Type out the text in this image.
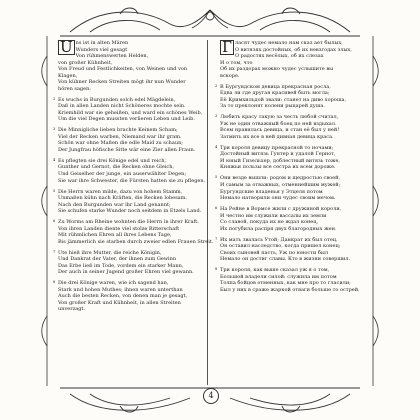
U ns ist in alten Mären
Wunders viel gesagt
Von rühmenswerten Helden,
von großer Kühnheit,
Von Freud und Festlichkeiten, von Weinen und von
Klagen,
Von kühner Recken Streiten mögt ihr nun Wunder
hören sagen.
2 Es wuchs in Burgunden solch edel Mägdelein,
Daß in allen Landen nicht Schöneres mochte sein.
Kriemhild war sie geheißen, und ward ein schönes Weib,
Um die viel Degen mussten verlieren Leben und Leib.
3 Die Minnigliche lieben brachte Keinem Scham;
Viel der Recken warben, Niemand war ihr gram.
Schön war ohne Maßen die edle Maid zu schaun;
Der Jungfrau höfische Sitte wär eine Zier allen Fraun.
4 Es pflegten sie drei Könige edel und reich,
Gunther und Gernot, die Recken ohne Gleich,
Und Geiselher der junge, ein auserwählter Degen;
Sie war ihre Schwester, die Fürsten hatten sie zu pflegen.
5 Die Herrn waren milde, dazu von hohem Stamm,
Unmaßen kühn nach Kräften, die Recken lobesam.
Nach den Burgunden war ihr Land genannt;
Sie schufen starke Wunder noch seitdem in Etzels Land.
6 Zu Worms am Rheine wohnten die Herrn in ihrer Kraft.
Von ihren Landen diente viel stolze Ritterschaft
Mit rühmlichen Ehren all ihres Lebens Tage,
Bis jämmerlich sie starben durch zweier edlen Frauen Streit.
7 Ute hieß ihre Mutter, die reiche Königin,
Und Dankrat der Vater, der ihnen zum Gewinn
Das Erbe ließ im Tode, vordem ein starker Mann,
Der auch in seiner Jugend großer Ehren viel gewann.
8 Die drei Könige waren, wie ich sagend han,
Stark und hohen Muthes; ihnen waren unterthan
Auch die besten Recken, von denen man je gesagt,
Von großer Kraft und Kühnheit, in allen Streiten
unverzagt.
Г ласят чудес немало нам сказ ает былых,
О витязях достойных, об их невзгодах злых,
О радостях весёлых, об их слезах
И о том, что
Об их раздорах можно чудес услышите вы
вскоре.
2 В Бургундском девица прекрасная росла,
Едва ли где другая красивей быть могла;
Её Кримхильдой звали: станет на диво хороша,
За то преклонят колени рыцарей душа.
3 Любить красу такую за честь любой считал,
Уж не один отважный боец по ней вздыхал.
Всем нравилась девица, и стан её был у ней!
Затмить их все в ней дивная девица краса.
4 Три короля девицу прекрасной то ночами;
Достойный витязь Гунтер и удалой Гернот,
И юный Гизельхер, доблестный витязь тоже,
Княжьи пользы все сестра их всем дороже.
5 Они везде вышли: родом и щедростью своей,
И самым за отважных, отменнейшим мужей;
Бургундские владенья у Этцеля потом
Немало натворили они чудес своим мечом.
6 На Рейне в Вормсе жили с дружиной короли,
И честно им служили вассалы их земли
Со славой, покуда их не ждал конец,
Их погубила распря двух благородных жен.
7 Их мать звалась Утой; Данкрат их был отец,
Он оставил наследство, когда пришел конец;
Своих сыновей пасть, Уж по юности был
Немало он достиг славы. Кто в жизни совершил.
8 Три короля, как выше сказал уж я о том,
Большой владели силой: служила им потом
Толпа бойцов отменных, как мне про то гласили;
Был у них в сраже жаркой отваги больше то острей.
4
